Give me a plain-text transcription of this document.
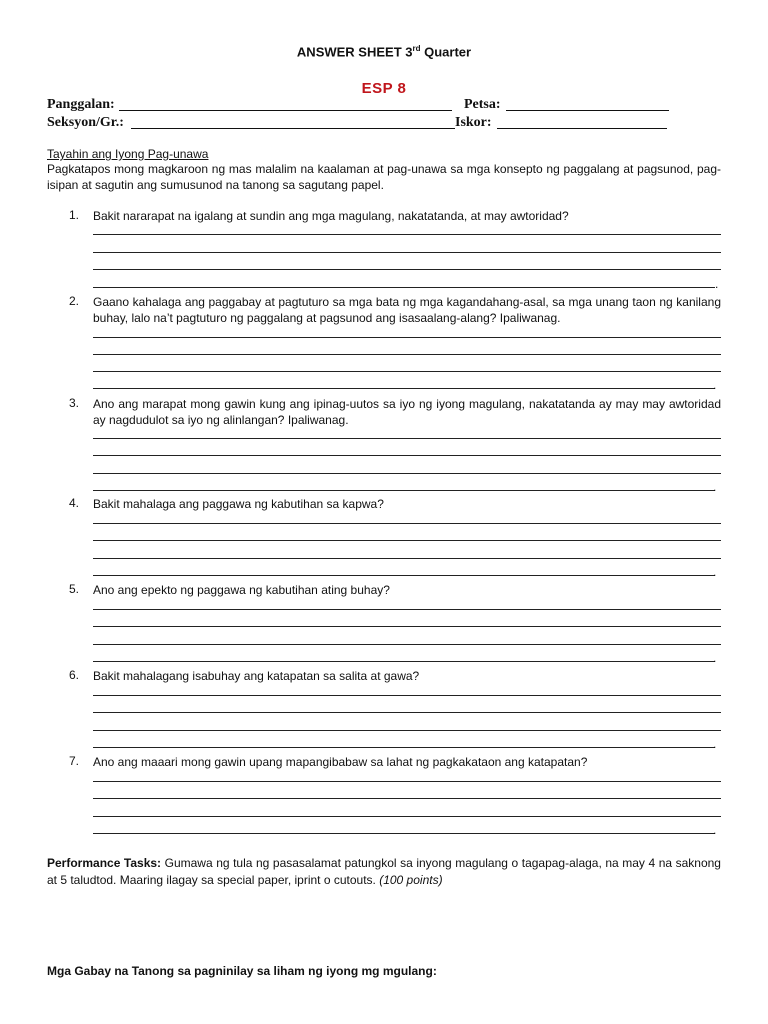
ANSWER SHEET 3rd Quarter
ESP 8
Panggalan:	Petsa:
Seksyon/Gr.:	Iskor:
Tayahin ang Iyong Pag-unawa
Pagkatapos mong magkaroon ng mas malalim na kaalaman at pag-unawa sa mga konsepto ng paggalang at pagsunod, pag-isipan at sagutin ang sumusunod na tanong sa sagutang papel.
1. Bakit nararapat na igalang at sundin ang mga magulang, nakatatanda, at may awtoridad?
.
2. Gaano kahalaga ang paggabay at pagtuturo sa mga bata ng mga kagandahang-asal, sa mga unang taon ng kanilang buhay, lalo na’t pagtuturo ng paggalang at pagsunod ang isasaalang-alang? Ipaliwanag.
.
3. Ano ang marapat mong gawin kung ang ipinag-uutos sa iyo ng iyong magulang, nakatatanda ay may may awtoridad ay nagdudulot sa iyo ng alinlangan? Ipaliwanag.
.
4. Bakit mahalaga ang paggawa ng kabutihan sa kapwa?
.
5. Ano ang epekto ng paggawa ng kabutihan ating buhay?
.
6. Bakit mahalagang isabuhay ang katapatan sa salita at gawa?
.
7. Ano ang maaari mong gawin upang mapangibabaw sa lahat ng pagkakataon ang katapatan?
.
Performance Tasks: Gumawa ng tula ng pasasalamat patungkol sa inyong magulang o tagapag-alaga, na may 4 na saknong at 5 taludtod. Maaring ilagay sa special paper, iprint o cutouts. (100 points)
Mga Gabay na Tanong sa pagninilay sa liham ng iyong mg mgulang:
